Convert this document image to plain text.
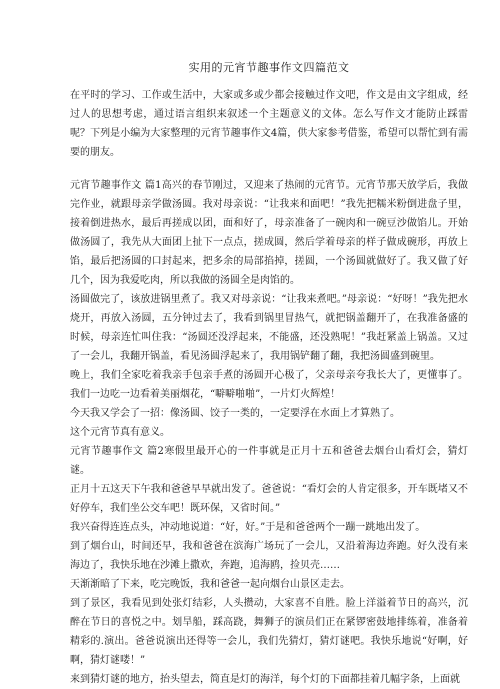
实用的元宵节趣事作文四篇范文

在平时的学习、工作或生活中，大家或多或少都会接触过作文吧，作文是由文字组成，经过人的思想考虑，通过语言组织来叙述一个主题意义的文体。怎么写作文才能防止踩雷呢？下列是小编为大家整理的元宵节趣事作文4篇，供大家参考借鉴，希望可以帮忙到有需要的朋友。

元宵节趣事作文 篇1高兴的春节刚过，又迎来了热闹的元宵节。元宵节那天放学后，我做完作业，就跟母亲学做汤圆。我对母亲说：“让我来和面吧！”我先把糯米粉倒进盘子里，接着倒进热水，最后再搓成以团，面和好了，母亲准备了一碗肉和一碗豆沙做馅儿。开始做汤圆了，我先从大面团上扯下一点点，搓成圆，然后学着母亲的样子做成碗形，再放上馅，最后把汤圆的口封起来，把多余的局部掐掉，搓圆，一个汤圆就做好了。我又做了好几个，因为我爱吃肉，所以我做的汤圆全是肉馅的。

汤圆做完了，该放进锅里煮了。我又对母亲说：“让我来煮吧。”母亲说：“好呀！”我先把水烧开，再放入汤圆，五分钟过去了，我看到锅里冒热气，就把锅盖翻开了，在我准备盛的时候，母亲连忙叫住我：“汤圆还没浮起来，不能盛，还没熟呢！”我赶紧盖上锅盖。又过了一会儿，我翻开锅盖，看见汤圆浮起来了，我用锅铲翻了翻，我把汤圆盛到碗里。

晚上，我们全家吃着我亲手包亲手煮的汤圆开心极了，父亲母亲夸我长大了，更懂事了。我们一边吃一边看着美丽烟花，“噼噼啪啪”，一片灯火辉煌！

今天我又学会了一招：像汤圆、饺子一类的，一定要浮在水面上才算熟了。

这个元宵节真有意义。

元宵节趣事作文 篇2寒假里最开心的一件事就是正月十五和爸爸去烟台山看灯会，猜灯谜。

正月十五这天下午我和爸爸早早就出发了。爸爸说：“看灯会的人肯定很多，开车既堵又不好停车，我们坐公交车吧！既环保，又省时间。”

我兴奋得连连点头，冲动地说道：“好，好。”于是和爸爸两个一蹦一跳地出发了。

到了烟台山，时间还早，我和爸爸在滨海广场玩了一会儿，又沿着海边奔跑。好久没有来海边了，我快乐地在沙滩上撒欢，奔跑，追海鸥，捡贝壳……

天渐渐暗了下来，吃完晚饭，我和爸爸一起向烟台山景区走去。

到了景区，我看见到处张灯结彩，人头攒动，大家喜不自胜。脸上洋溢着节日的高兴，沉醉在节日的喜悦之中。划旱船，踩高跷，舞狮子的演员们正在紧锣密鼓地排练着，准备着精彩的.演出。爸爸说演出还得等一会儿，我们先猜灯，猜灯谜吧。我快乐地说“好啊，好啊，猜灯谜喽！”

来到猜灯谜的地方，抬头望去，简直是灯的海洋，每个灯的下面都挂着几幅字条，上面就
